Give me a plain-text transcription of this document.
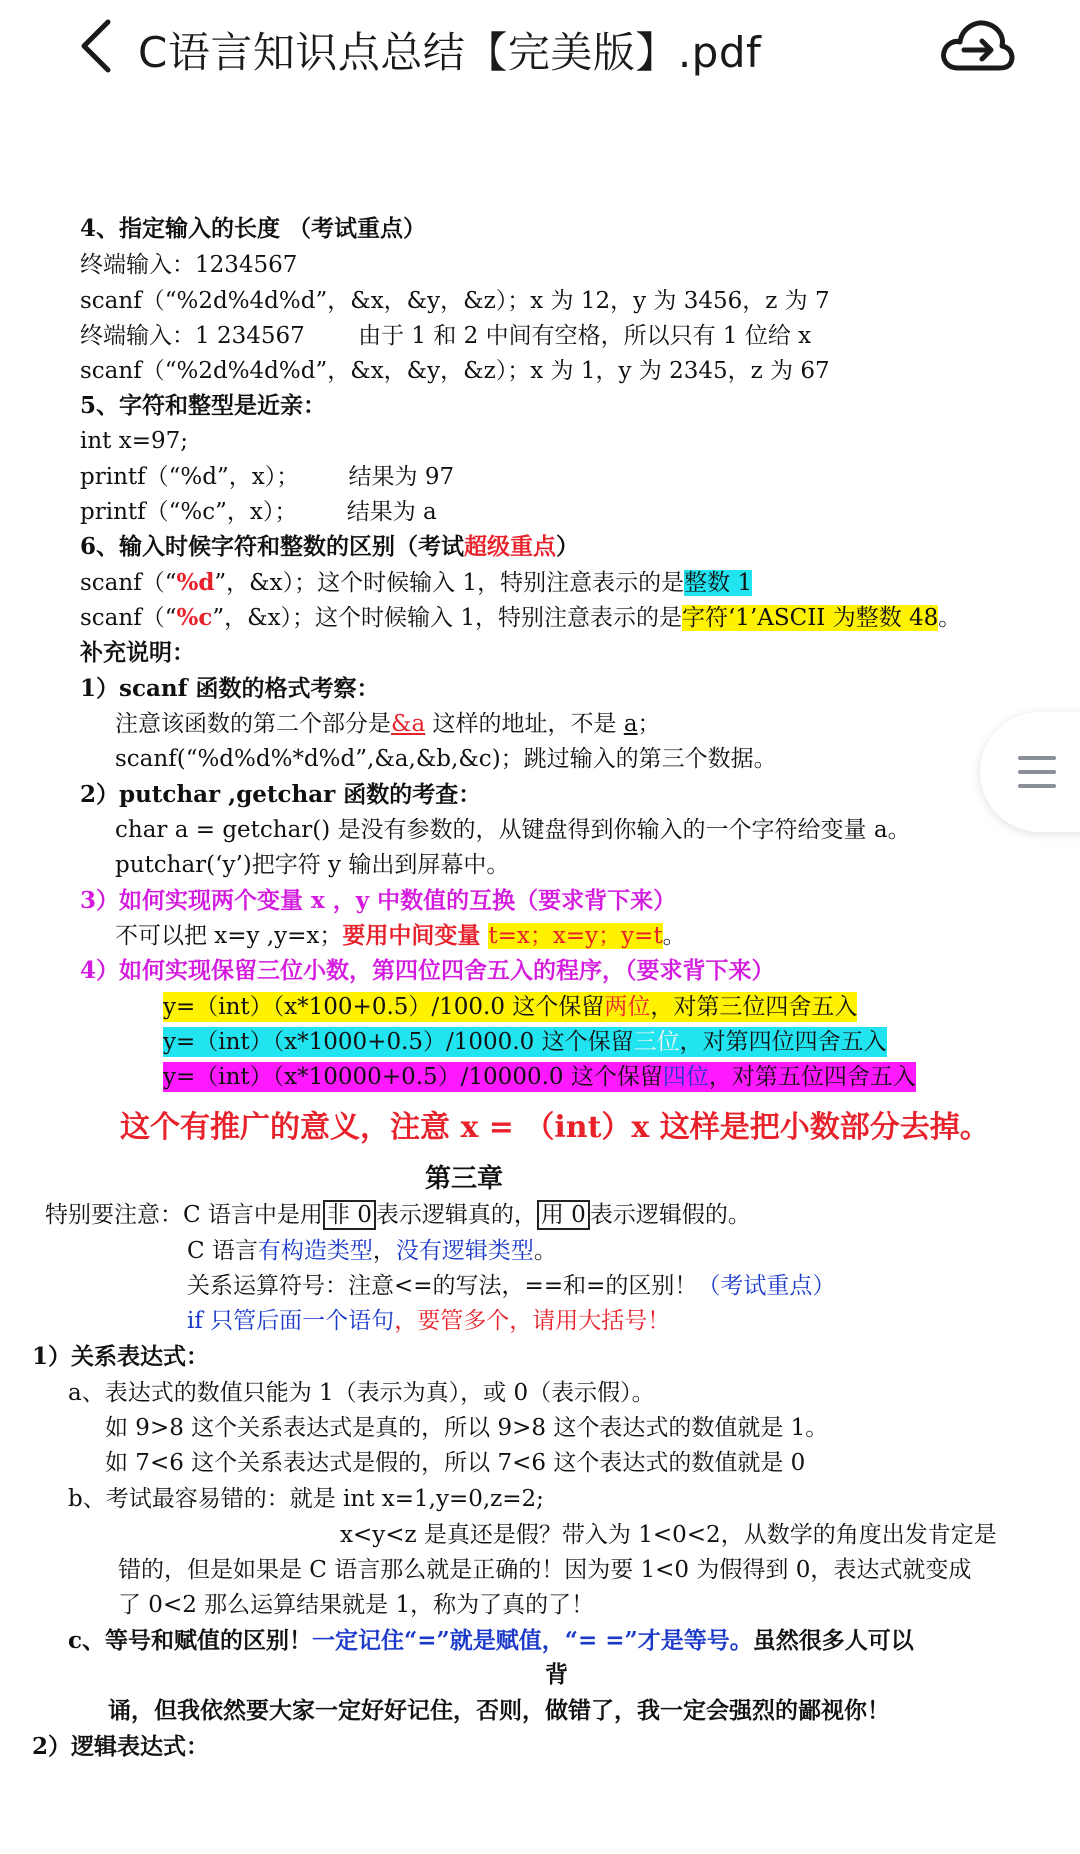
C语言知识点总结【完美版】.pdf
4、指定输入的长度 （考试重点）
终端输入：1234567
scanf（“%2d%4d%d”，&x，&y，&z）；x 为 12，y 为 3456，z 为 7
终端输入：1 234567 由于 1 和 2 中间有空格，所以只有 1 位给 x
scanf（“%2d%4d%d”，&x，&y，&z）；x 为 1，y 为 2345，z 为 67
5、字符和整型是近亲：
int x=97;
printf（“%d”，x）； 结果为 97
printf（“%c”，x）； 结果为 a
6、输入时候字符和整数的区别（考试超级重点）
scanf（“%d”，&x）；这个时候输入 1，特别注意表示的是整数 1
scanf（“%c”，&x）；这个时候输入 1，特别注意表示的是字符‘1’ASCII 为整数 48。
补充说明：
1）scanf 函数的格式考察：
注意该函数的第二个部分是&a 这样的地址，不是 a；
scanf(“%d%d%*d%d”,&a,&b,&c)；跳过输入的第三个数据。
2）putchar ,getchar 函数的考查：
char a = getchar() 是没有参数的，从键盘得到你输入的一个字符给变量 a。
putchar(‘y’)把字符 y 输出到屏幕中。
3）如何实现两个变量 x ，y 中数值的互换（要求背下来）
不可以把 x=y ,y=x；要用中间变量 t=x；x=y；y=t。
4）如何实现保留三位小数，第四位四舍五入的程序，（要求背下来）
y=（int）（x*100+0.5）/100.0 这个保留两位，对第三位四舍五入
y=（int）（x*1000+0.5）/1000.0 这个保留三位，对第四位四舍五入
y=（int）（x*10000+0.5）/10000.0 这个保留四位，对第五位四舍五入
这个有推广的意义，注意 x = （int）x 这样是把小数部分去掉。
第三章
特别要注意：C 语言中是用 非 0 表示逻辑真的， 用 0 表示逻辑假的。
C 语言有构造类型，没有逻辑类型。
关系运算符号：注意<=的写法，==和=的区别！（考试重点）
if 只管后面一个语句，要管多个，请用大括号！
1）关系表达式：
a、表达式的数值只能为 1（表示为真），或 0（表示假）。
如 9>8 这个关系表达式是真的，所以 9>8 这个表达式的数值就是 1。
如 7<6 这个关系表达式是假的，所以 7<6 这个表达式的数值就是 0
b、考试最容易错的：就是 int x=1,y=0,z=2;
x<y<z 是真还是假？带入为 1<0<2，从数学的角度出发肯定是
错的，但是如果是 C 语言那么就是正确的！因为要 1<0 为假得到 0，表达式就变成
了 0<2 那么运算结果就是 1，称为了真的了！
c、等号和赋值的区别！一定记住“=”就是赋值，“= =”才是等号。虽然很多人可以
背
诵，但我依然要大家一定好好记住，否则，做错了，我一定会强烈的鄙视你！
2）逻辑表达式：
